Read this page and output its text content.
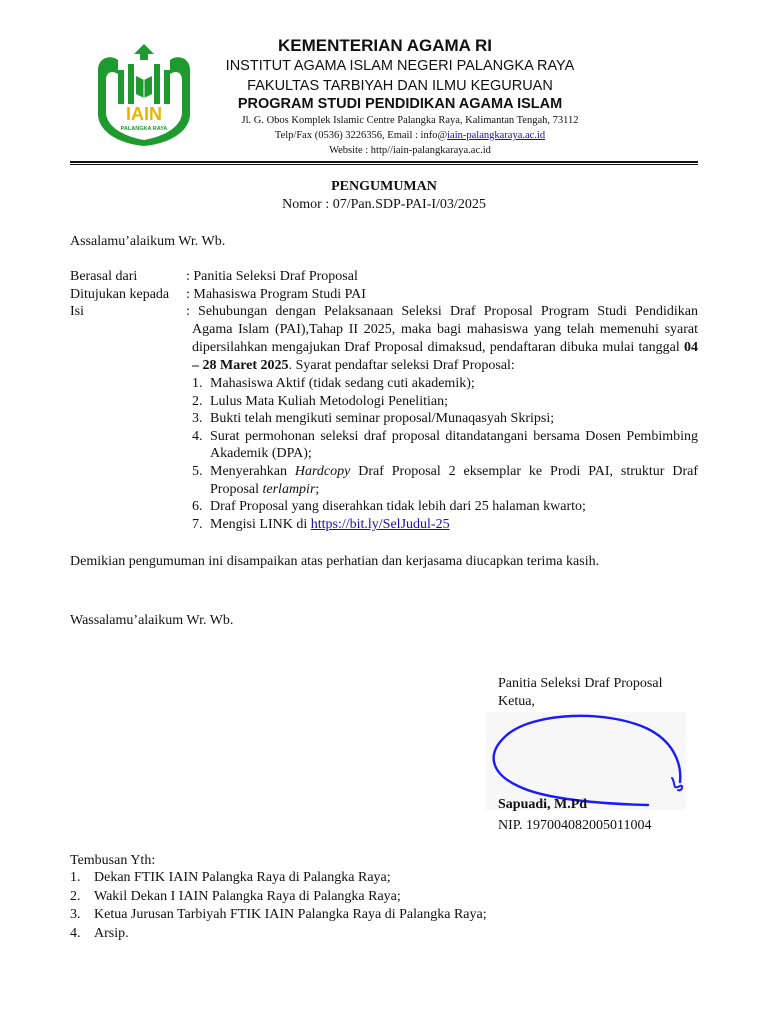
IAIN
PALANGKA RAYA
KEMENTERIAN AGAMA RI
INSTITUT AGAMA ISLAM NEGERI PALANGKA RAYA
FAKULTAS TARBIYAH DAN ILMU KEGURUAN
PROGRAM STUDI PENDIDIKAN AGAMA ISLAM
Jl. G. Obos Komplek Islamic Centre Palangka Raya, Kalimantan Tengah, 73112
Telp/Fax (0536) 3226356, Email : info@iain-palangkaraya.ac.id
Website : http//iain-palangkaraya.ac.id
PENGUMUMAN
Nomor : 07/Pan.SDP-PAI-I/03/2025
Assalamu’alaikum Wr. Wb.
Berasal dari	: Panitia Seleksi Draf Proposal
Ditujukan kepada	: Mahasiswa Program Studi PAI
Isi	: Sehubungan dengan Pelaksanaan Seleksi Draf Proposal Program Studi Pendidikan Agama Islam (PAI),Tahap II 2025, maka bagi mahasiswa yang telah memenuhi syarat dipersilahkan mengajukan Draf Proposal dimaksud, pendaftaran dibuka mulai tanggal 04 – 28 Maret 2025. Syarat pendaftar seleksi Draf Proposal:

1. Mahasiswa Aktif (tidak sedang cuti akademik);
2. Lulus Mata Kuliah Metodologi Penelitian;
3. Bukti telah mengikuti seminar proposal/Munaqasyah Skripsi;
4. Surat permohonan seleksi draf proposal ditandatangani bersama Dosen Pembimbing Akademik (DPA);
5. Menyerahkan Hardcopy Draf Proposal 2 eksemplar ke Prodi PAI, struktur Draf Proposal terlampir;
6. Draf Proposal yang diserahkan tidak lebih dari 25 halaman kwarto;
7. Mengisi LINK di https://bit.ly/SelJudul-25
Demikian pengumuman ini disampaikan atas perhatian dan kerjasama diucapkan terima kasih.
Wassalamu’alaikum Wr. Wb.
Panitia Seleksi Draf Proposal
Ketua,
Sapuadi, M.Pd
NIP. 197004082005011004
Tembusan Yth:
1. Dekan FTIK IAIN Palangka Raya di Palangka Raya;
2. Wakil Dekan I IAIN Palangka Raya di Palangka Raya;
3. Ketua Jurusan Tarbiyah FTIK IAIN Palangka Raya di Palangka Raya;
4. Arsip.
